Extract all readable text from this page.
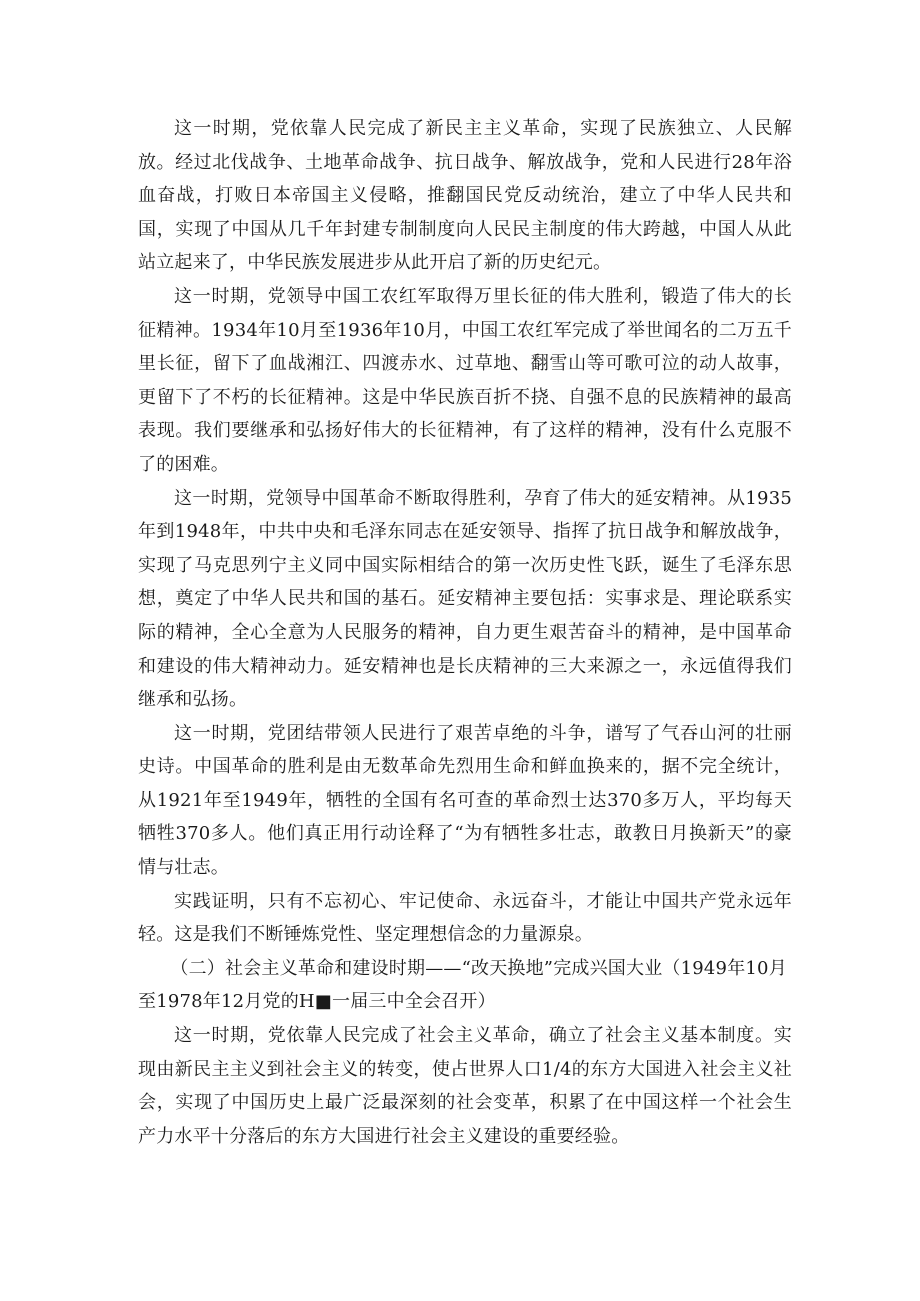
这一时期，党依靠人民完成了新民主主义革命，实现了民族独立、人民解放。经过北伐战争、土地革命战争、抗日战争、解放战争，党和人民进行28年浴血奋战，打败日本帝国主义侵略，推翻国民党反动统治，建立了中华人民共和国，实现了中国从几千年封建专制制度向人民民主制度的伟大跨越，中国人从此站立起来了，中华民族发展进步从此开启了新的历史纪元。

这一时期，党领导中国工农红军取得万里长征的伟大胜利，锻造了伟大的长征精神。1934年10月至1936年10月，中国工农红军完成了举世闻名的二万五千里长征，留下了血战湘江、四渡赤水、过草地、翻雪山等可歌可泣的动人故事，更留下了不朽的长征精神。这是中华民族百折不挠、自强不息的民族精神的最高表现。我们要继承和弘扬好伟大的长征精神，有了这样的精神，没有什么克服不了的困难。

这一时期，党领导中国革命不断取得胜利，孕育了伟大的延安精神。从1935年到1948年，中共中央和毛泽东同志在延安领导、指挥了抗日战争和解放战争，实现了马克思列宁主义同中国实际相结合的第一次历史性飞跃，诞生了毛泽东思想，奠定了中华人民共和国的基石。延安精神主要包括：实事求是、理论联系实际的精神，全心全意为人民服务的精神，自力更生艰苦奋斗的精神，是中国革命和建设的伟大精神动力。延安精神也是长庆精神的三大来源之一，永远值得我们继承和弘扬。

这一时期，党团结带领人民进行了艰苦卓绝的斗争，谱写了气吞山河的壮丽史诗。中国革命的胜利是由无数革命先烈用生命和鲜血换来的，据不完全统计，从1921年至1949年，牺牲的全国有名可查的革命烈士达370多万人，平均每天牺牲370多人。他们真正用行动诠释了“为有牺牲多壮志，敢教日月换新天”的豪情与壮志。

实践证明，只有不忘初心、牢记使命、永远奋斗，才能让中国共产党永远年轻。这是我们不断锤炼党性、坚定理想信念的力量源泉。

（二）社会主义革命和建设时期——“改天换地”完成兴国大业（1949年10月至1978年12月党的H■一届三中全会召开）

这一时期，党依靠人民完成了社会主义革命，确立了社会主义基本制度。实现由新民主主义到社会主义的转变，使占世界人口1/4的东方大国进入社会主义社会，实现了中国历史上最广泛最深刻的社会变革，积累了在中国这样一个社会生产力水平十分落后的东方大国进行社会主义建设的重要经验。
